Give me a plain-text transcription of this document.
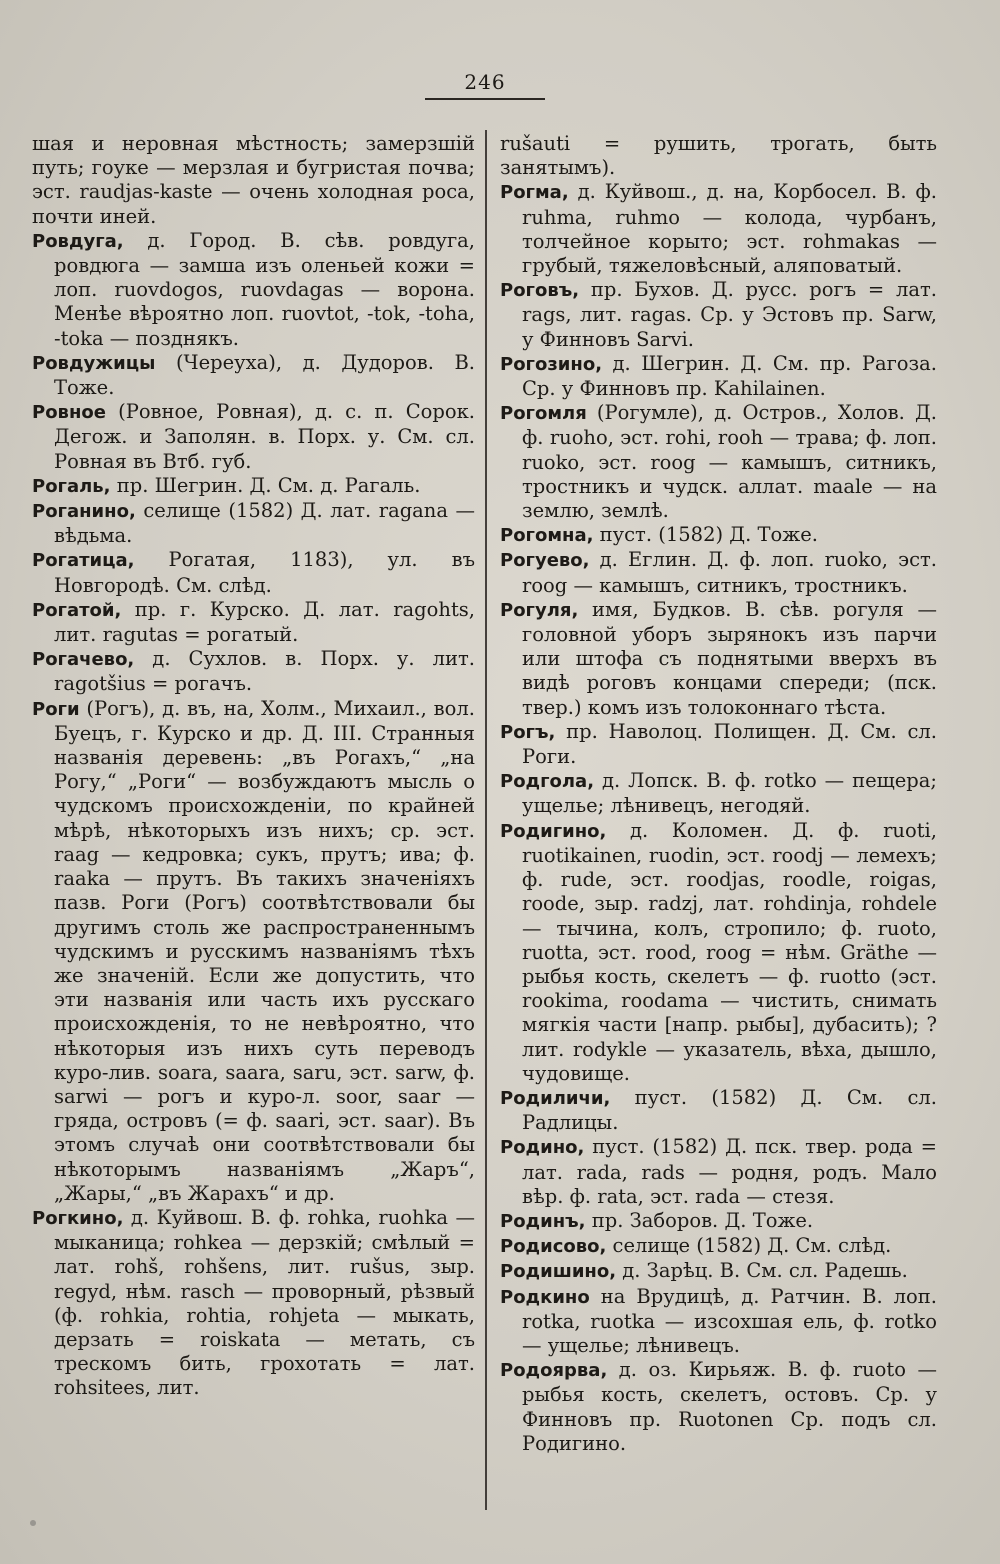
246

шая и неровная мѣстность; замерзшій путь; гоуке — мерзлая и бугристая почва; эст. raudjas-kaste — очень холодная роса, почти иней.

Ровдуга, д. Город. В. сѣв. ровдуга, ровдюга — замша изъ оленьей кожи = лоп. ruovdogos, ruovdagas — ворона. Менѣе вѣроятно лоп. ruovtot, -tok, -toha, -toka — позднякъ.

Ровдужицы (Череуха), д. Дудоров. В. Тоже.

Ровное (Ровноe, Ровная), д. с. п. Сорок. Дегож. и Заполян. в. Порх. у. См. сл. Ровная въ Втб. губ.

Рогаль, пр. Шегрин. Д. См. д. Рагаль.

Роганино, селище (1582) Д. лат. ragana — вѣдьма.

Рогатица, Рогатая, 1183), ул. въ Новгородѣ. См. слѣд.

Рогатой, пр. г. Курско. Д. лат. ragohts, лит. ragutas = рогатый.

Рогачево, д. Сухлов. в. Порх. у. лит. ragotšius = рогачъ.

Роги (Рогъ), д. въ, на, Холм., Михаил., вол. Буецъ, г. Курско и др. Д. III. Странныя названія деревень: „въ Рогахъ,“ „на Рогу,“ „Роги“ — возбуждаютъ мысль о чудскомъ происхожденіи, по крайней мѣрѣ, нѣкоторыхъ изъ нихъ; ср. эст. raag — кедровка; сукъ, прутъ; ива; ф. raaka — прутъ. Въ такихъ значеніяхъ пазв. Роги (Рогъ) соотвѣтствовали бы другимъ столь же распространеннымъ чудскимъ и русскимъ названіямъ тѣхъ же значеній. Если же допустить, что эти названія или часть ихъ русскаго происхожденія, то не невѣроятно, что нѣкоторыя изъ нихъ суть переводъ куро-лив. soara, saara, saru, эст. sarw, ф. sarwi — рогъ и куро-л. soor, saar — гряда, островъ (= ф. saari, эст. saar). Въ этомъ случаѣ они соотвѣтствовали бы нѣкоторымъ названіямъ „Жаръ“, „Жары,“ „въ Жарахъ“ и др.

Рогкино, д. Куйвош. В. ф. rohka, ruohka — мыканица; rohkea — дерзкій; смѣлый = лат. rohš, rohšens, лит. rušus, зыр. regyd, нѣм. rasch — проворный, рѣзвый (ф. rohkia, rohtia, rohjeta — мыкать, дерзать = roiskata — метать, съ трескомъ бить, грохотать = лат. rohsitees, лит.

rušauti = рушить, трогать, быть занятымъ).

Рогма, д. Куйвош., д. на, Корбосел. В. ф. ruhma, ruhmo — колода, чурбанъ, толчейное корыто; эст. rohmakas — грубый, тяжеловѣсный, аляповатый.

Роговъ, пр. Бухов. Д. русс. рогъ = лат. rags, лит. ragas. Ср. у Эстовъ пр. Sarw, у Финновъ Sarvi.

Рогозино, д. Шегрин. Д. См. пр. Рагоза. Ср. у Финновъ пр. Kahilainen.

Рогомля (Рогумле), д. Остров., Холов. Д. ф. ruoho, эст. rohi, rooh — трава; ф. лоп. ruoko, эст. roog — камышъ, ситникъ, тростникъ и чудск. аллат. maale — на землю, землѣ.

Рогомна, пуст. (1582) Д. Тоже.

Рогуево, д. Еглин. Д. ф. лоп. ruoko, эст. roog — камышъ, ситникъ, тростникъ.

Рогуля, имя, Будков. В. сѣв. рогуля — головной уборъ зырянокъ изъ парчи или штофа съ поднятыми вверхъ въ видѣ роговъ концами спереди; (пск. твер.) комъ изъ толоконнаго тѣста.

Рогъ, пр. Наволоц. Полищен. Д. См. сл. Роги.

Родгола, д. Лопск. В. ф. rotko — пещера; ущелье; лѣнивецъ, негодяй.

Родигино, д. Коломен. Д. ф. ruoti, ruotikainen, ruodin, эст. roodj — лемехъ; ф. rude, эст. roodjas, roodle, roigas, roode, зыр. radzj, лат. rohdinja, rohdele — тычина, колъ, стропило; ф. ruoto, ruotta, эст. rood, roog = нѣм. Gräthe — рыбья кость, скелетъ — ф. ruotto (эст. rookima, roodama — чистить, снимать мягкія части [напр. рыбы], дубасить); ? лит. rodykle — указатель, вѣха, дышло, чудовище.

Родиличи, пуст. (1582) Д. См. сл. Радлицы.

Родино, пуст. (1582) Д. пск. твер. рода = лат. rada, rads — родня, родъ. Мало вѣр. ф. rata, эст. rada — стезя.

Родинъ, пр. Заборов. Д. Тоже.

Родисово, селище (1582) Д. См. слѣд.

Родишино, д. Зарѣц. В. См. сл. Радешь.

Родкино на Врудицѣ, д. Ратчин. В. лоп. rotka, ruotka — изсохшая ель, ф. rotko — ущелье; лѣнивецъ.

Родоярва, д. оз. Кирьяж. В. ф. ruoto — рыбья кость, скелетъ, остовъ. Ср. у Финновъ пр. Ruotonen Ср. подъ сл. Родигино.
